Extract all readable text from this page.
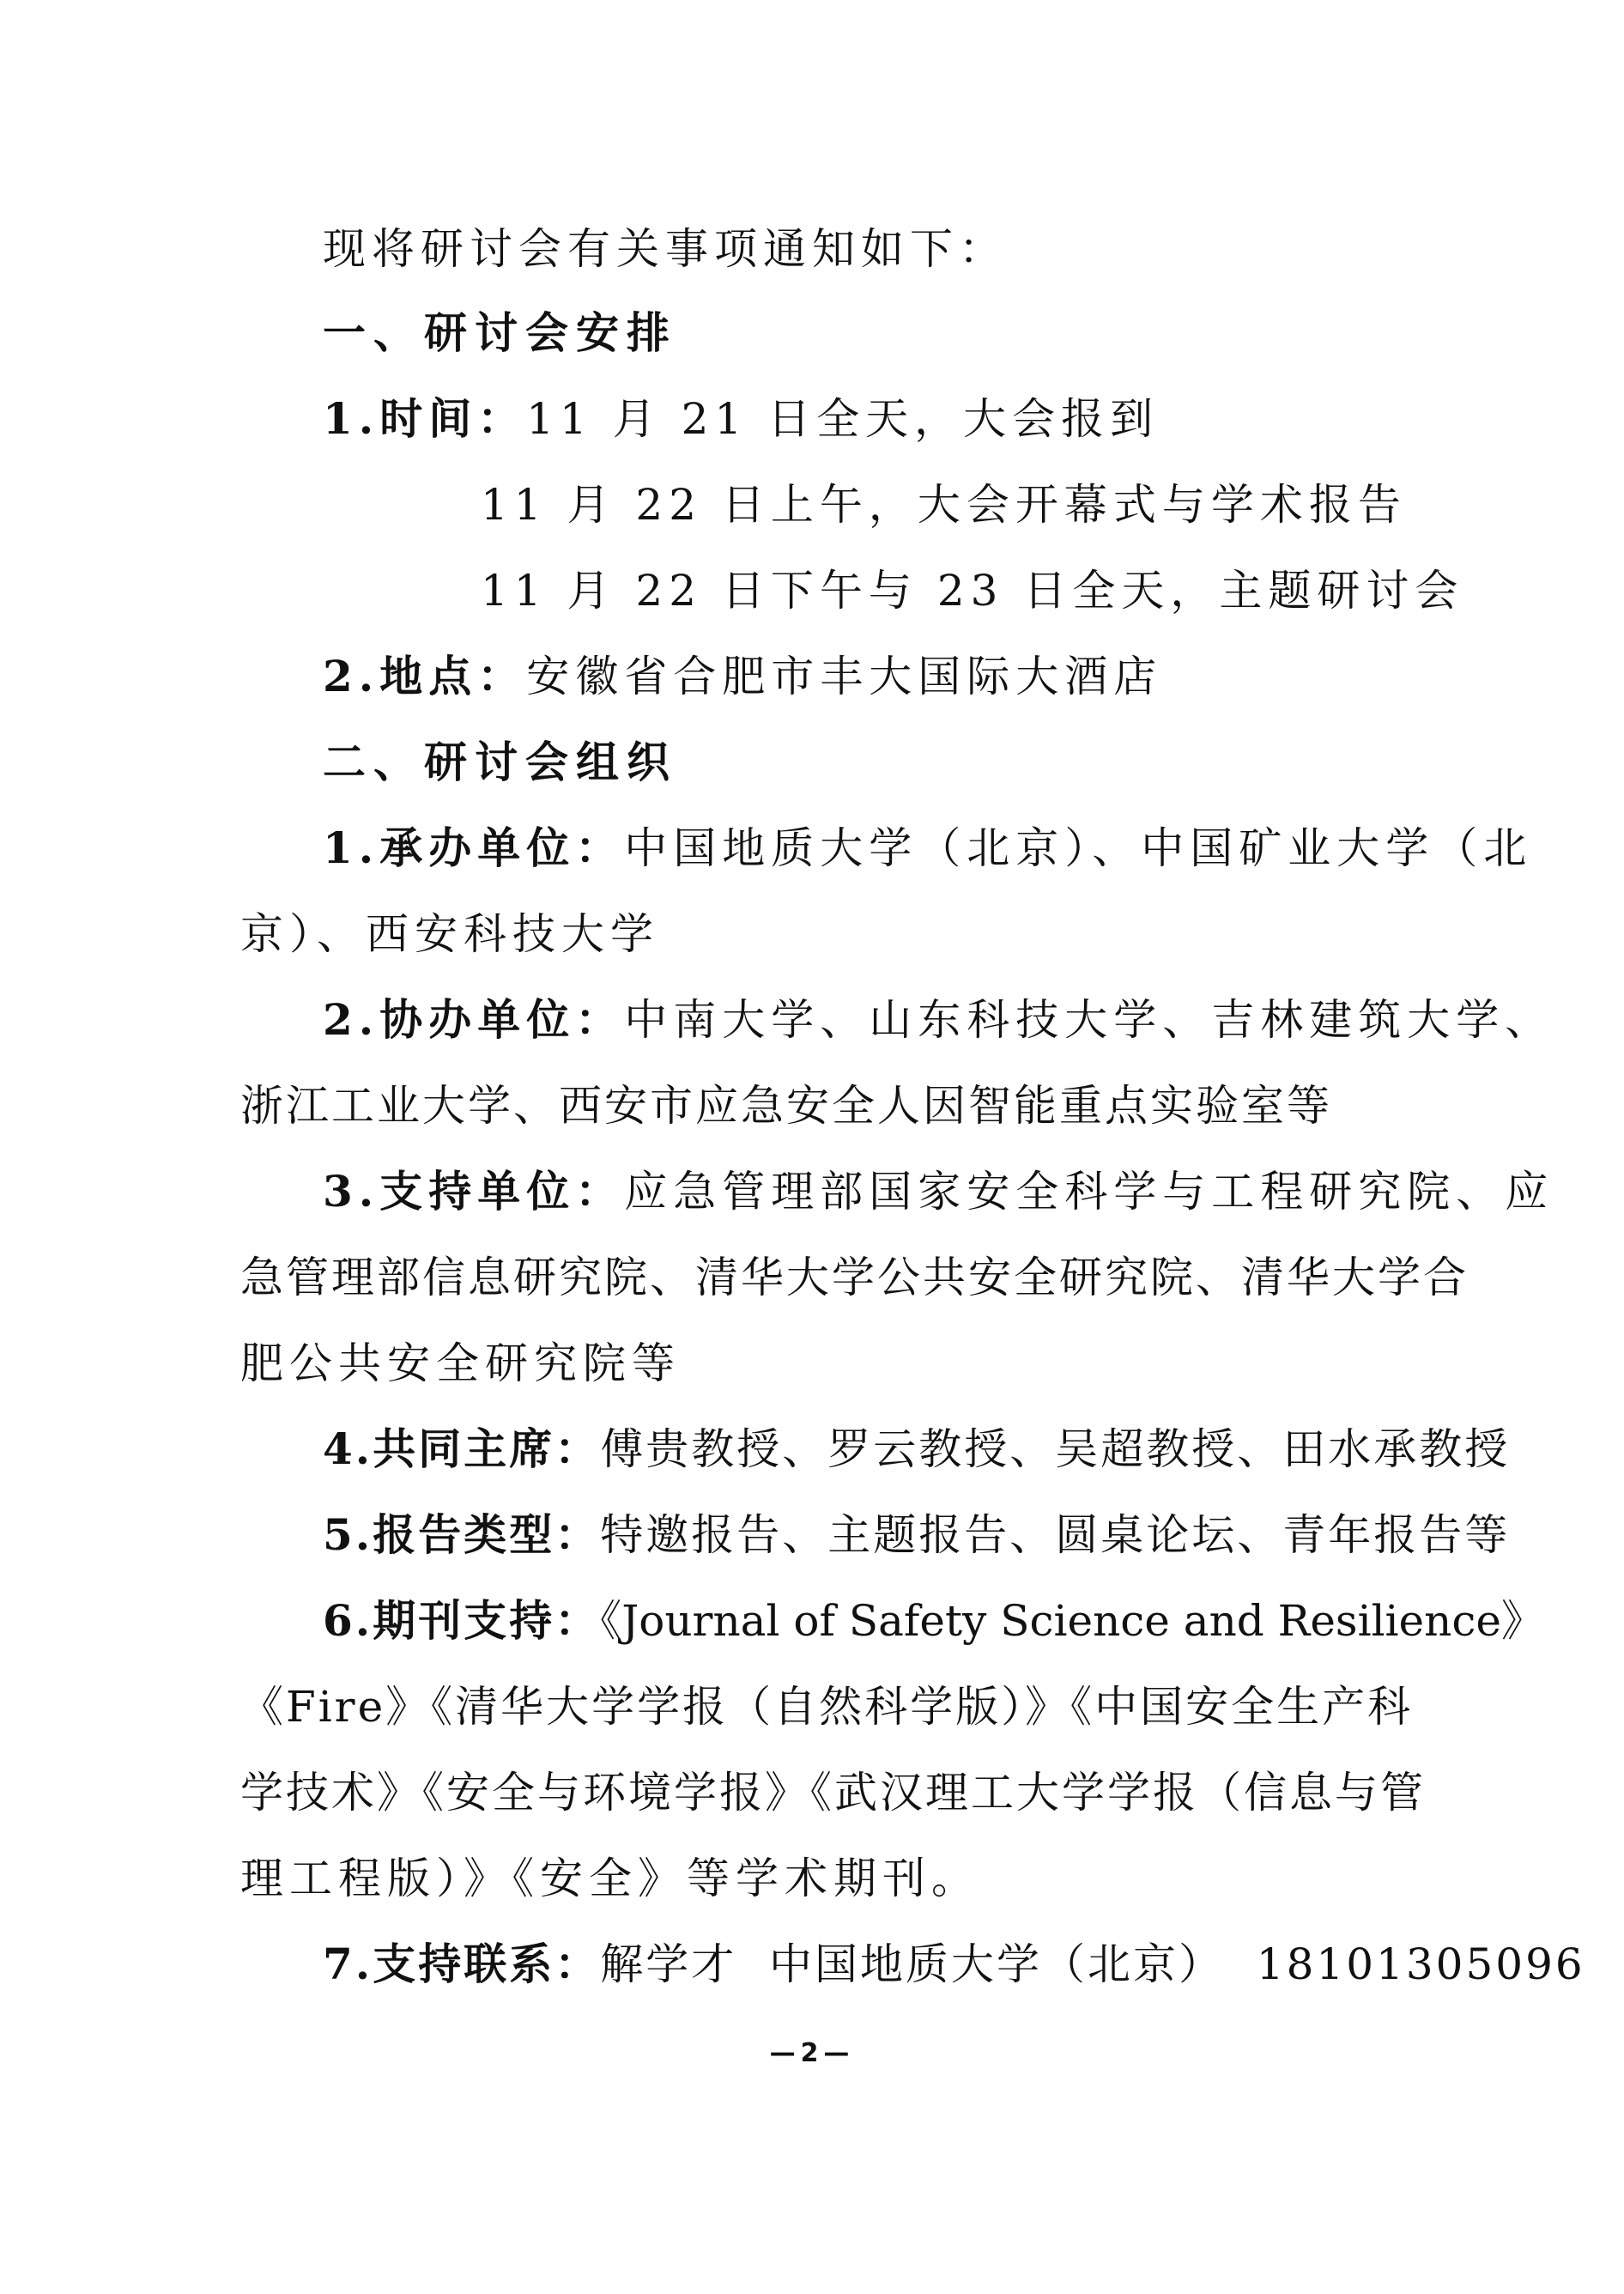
现将研讨会有关事项通知如下：
一、研讨会安排
1.时间：11 月 21 日全天，大会报到
11 月 22 日上午，大会开幕式与学术报告
11 月 22 日下午与 23 日全天，主题研讨会
2.地点：安徽省合肥市丰大国际大酒店
二、研讨会组织
1.承办单位：中国地质大学（北京）、中国矿业大学（北
京）、西安科技大学
2.协办单位：中南大学、山东科技大学、吉林建筑大学、
浙江工业大学、西安市应急安全人因智能重点实验室等
3.支持单位：应急管理部国家安全科学与工程研究院、应
急管理部信息研究院、清华大学公共安全研究院、清华大学合
肥公共安全研究院等
4.共同主席：傅贵教授、罗云教授、吴超教授、田水承教授
5.报告类型：特邀报告、主题报告、圆桌论坛、青年报告等
6.期刊支持：《Journal of Safety Science and Resilience》
《Fire》《清华大学学报（自然科学版）》《中国安全生产科
学技术》《安全与环境学报》《武汉理工大学学报（信息与管
理工程版）》《安全》等学术期刊。
7.支持联系：解学才  中国地质大学（北京）  18101305096
—2—
